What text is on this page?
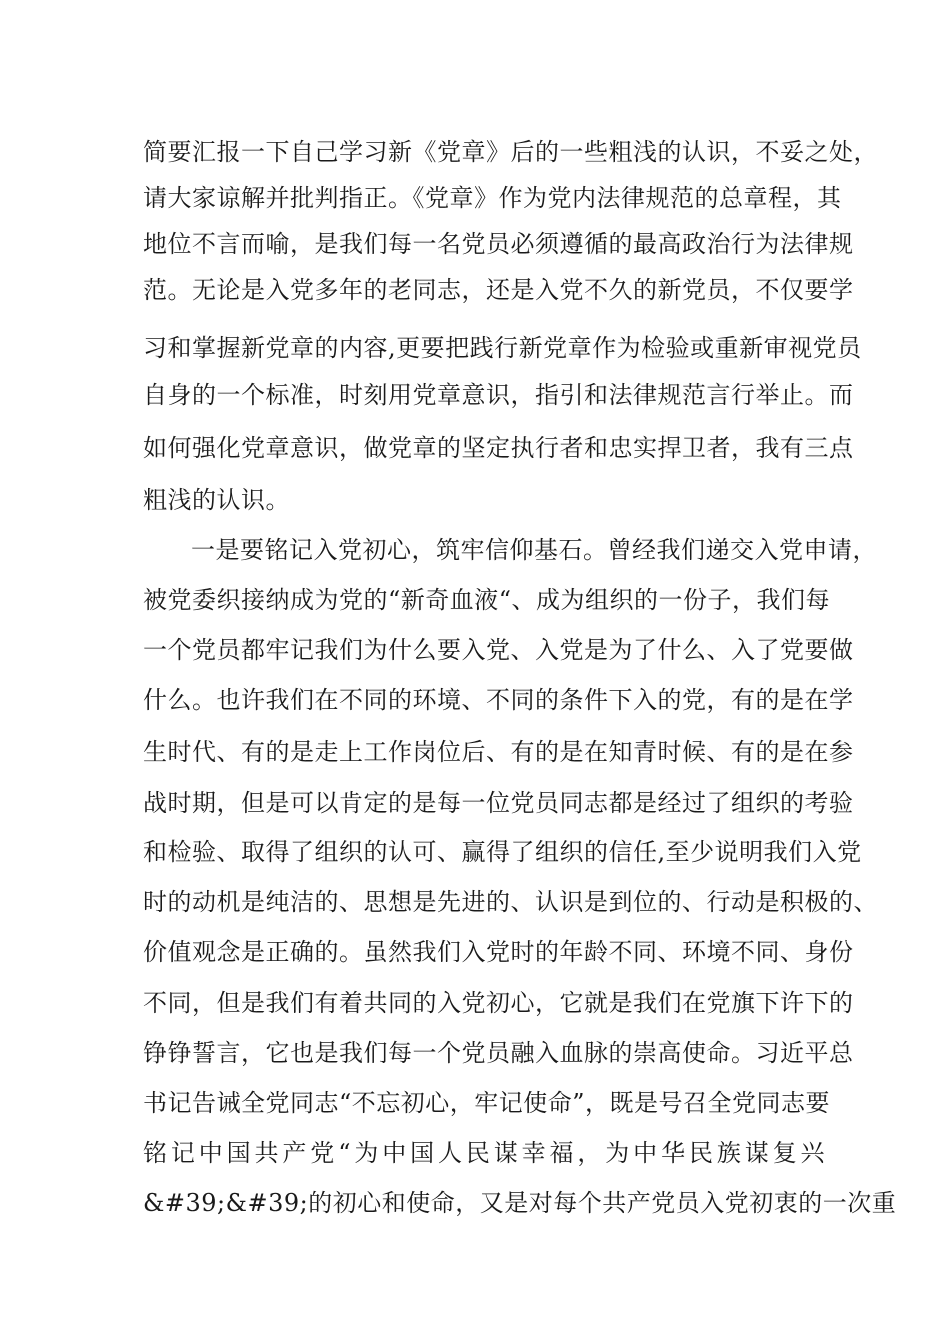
简要汇报一下自己学习新《党章》后的一些粗浅的认识，不妥之处，
请大家谅解并批判指正。《党章》作为党内法律规范的总章程，其
地位不言而喻，是我们每一名党员必须遵循的最高政治行为法律规
范。无论是入党多年的老同志，还是入党不久的新党员，不仅要学
习和掌握新党章的内容,更要把践行新党章作为检验或重新审视党员
自身的一个标准，时刻用党章意识，指引和法律规范言行举止。而
如何强化党章意识，做党章的坚定执行者和忠实捍卫者，我有三点
粗浅的认识。
一是要铭记入党初心，筑牢信仰基石。曾经我们递交入党申请，
被党委织接纳成为党的“新奇血液“、成为组织的一份子，我们每
一个党员都牢记我们为什么要入党、入党是为了什么、入了党要做
什么。也许我们在不同的环境、不同的条件下入的党，有的是在学
生时代、有的是走上工作岗位后、有的是在知青时候、有的是在参
战时期，但是可以肯定的是每一位党员同志都是经过了组织的考验
和检验、取得了组织的认可、赢得了组织的信任,至少说明我们入党
时的动机是纯洁的、思想是先进的、认识是到位的、行动是积极的、
价值观念是正确的。虽然我们入党时的年龄不同、环境不同、身份
不同，但是我们有着共同的入党初心，它就是我们在党旗下许下的
铮铮誓言，它也是我们每一个党员融入血脉的崇高使命。习近平总
书记告诫全党同志“不忘初心，牢记使命”，既是号召全党同志要
铭记中国共产党“为中国人民谋幸福，为中华民族谋复兴
&#39;&#39;的初心和使命，又是对每个共产党员入党初衷的一次重
